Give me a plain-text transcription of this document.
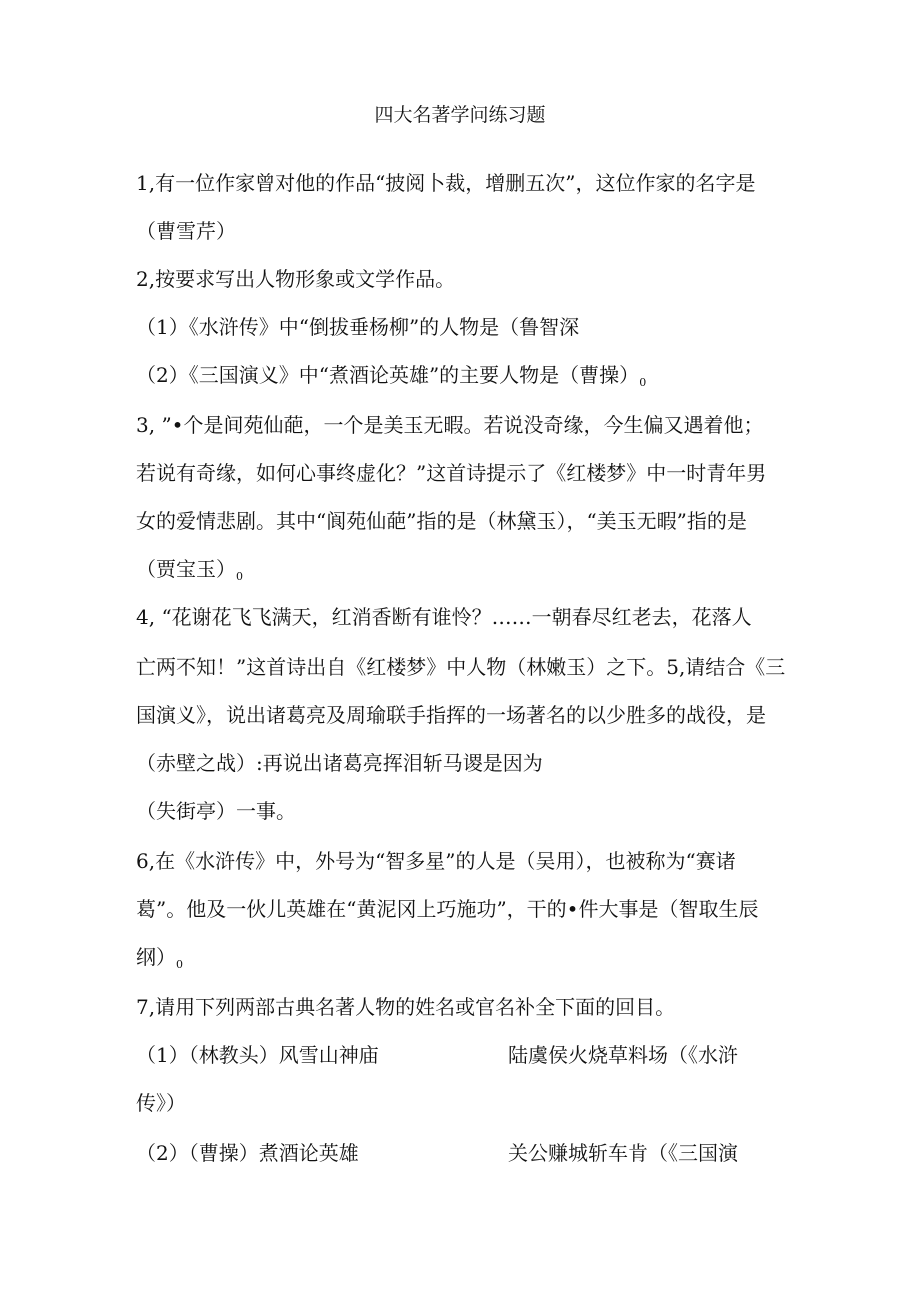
四大名著学问练习题
1,有一位作家曾对他的作品“披阅卜裁，增删五次”，这位作家的名字是
（曹雪芹）
2,按要求写出人物形象或文学作品。
（1）《水浒传》中“倒拔垂杨柳”的人物是（鲁智深
（2）《三国演义》中“煮酒论英雄”的主要人物是（曹操）$_0$
3, ”•个是间苑仙葩，一个是美玉无暇。若说没奇缘，今生偏又遇着他；
若说有奇缘，如何心事终虚化？”这首诗提示了《红楼梦》中一时青年男
女的爱情悲剧。其中“阆苑仙葩”指的是（林黛玉），“美玉无暇”指的是
（贾宝玉）$_0$
4, “花谢花飞飞满天，红消香断有谁怜？……一朝春尽红老去，花落人
亡两不知！”这首诗出自《红楼梦》中人物（林嫩玉）之下。5,请结合《三
国演义》，说出诸葛亮及周瑜联手指挥的一场著名的以少胜多的战役，是
（赤壁之战）:再说出诸葛亮挥泪斩马谡是因为
（失街亭）一事。
6,在《水浒传》中，外号为“智多星”的人是（吴用），也被称为“赛诸
葛”。他及一伙儿英雄在“黄泥冈上巧施功”，干的•件大事是（智取生辰
纲）$_0$
7,请用下列两部古典名著人物的姓名或官名补全下面的回目。
（1）（林教头）风雪山神庙	陆虞侯火烧草料场（《水浒
传》）
（2）（曹操）煮酒论英雄	关公赚城斩车肯（《三国演
